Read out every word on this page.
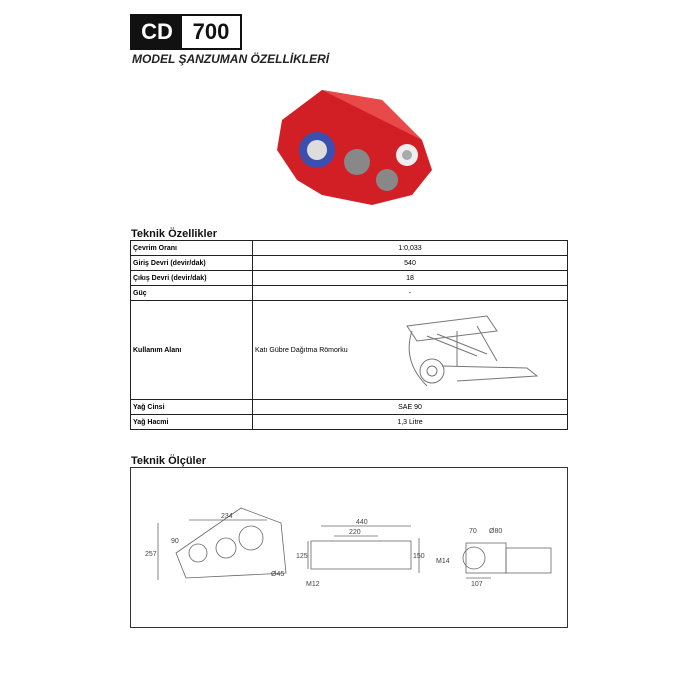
CD 700
MODEL ŞANZUMAN ÖZELLİKLERİ
Teknik Özellikler
Çevrim Oranı	1:0,033
Giriş Devri (devir/dak)	540
Çıkış Devri (devir/dak)	18
Güç	-
Kullanım Alanı	Katı Gübre Dağıtma Römorku

Yağ Cinsi	SAE 90
Yağ Hacmi	1,3 Litre
Teknik Ölçüler
234
257
90
Ø45
440
220
125	150
M12
70 Ø80
M14
107
